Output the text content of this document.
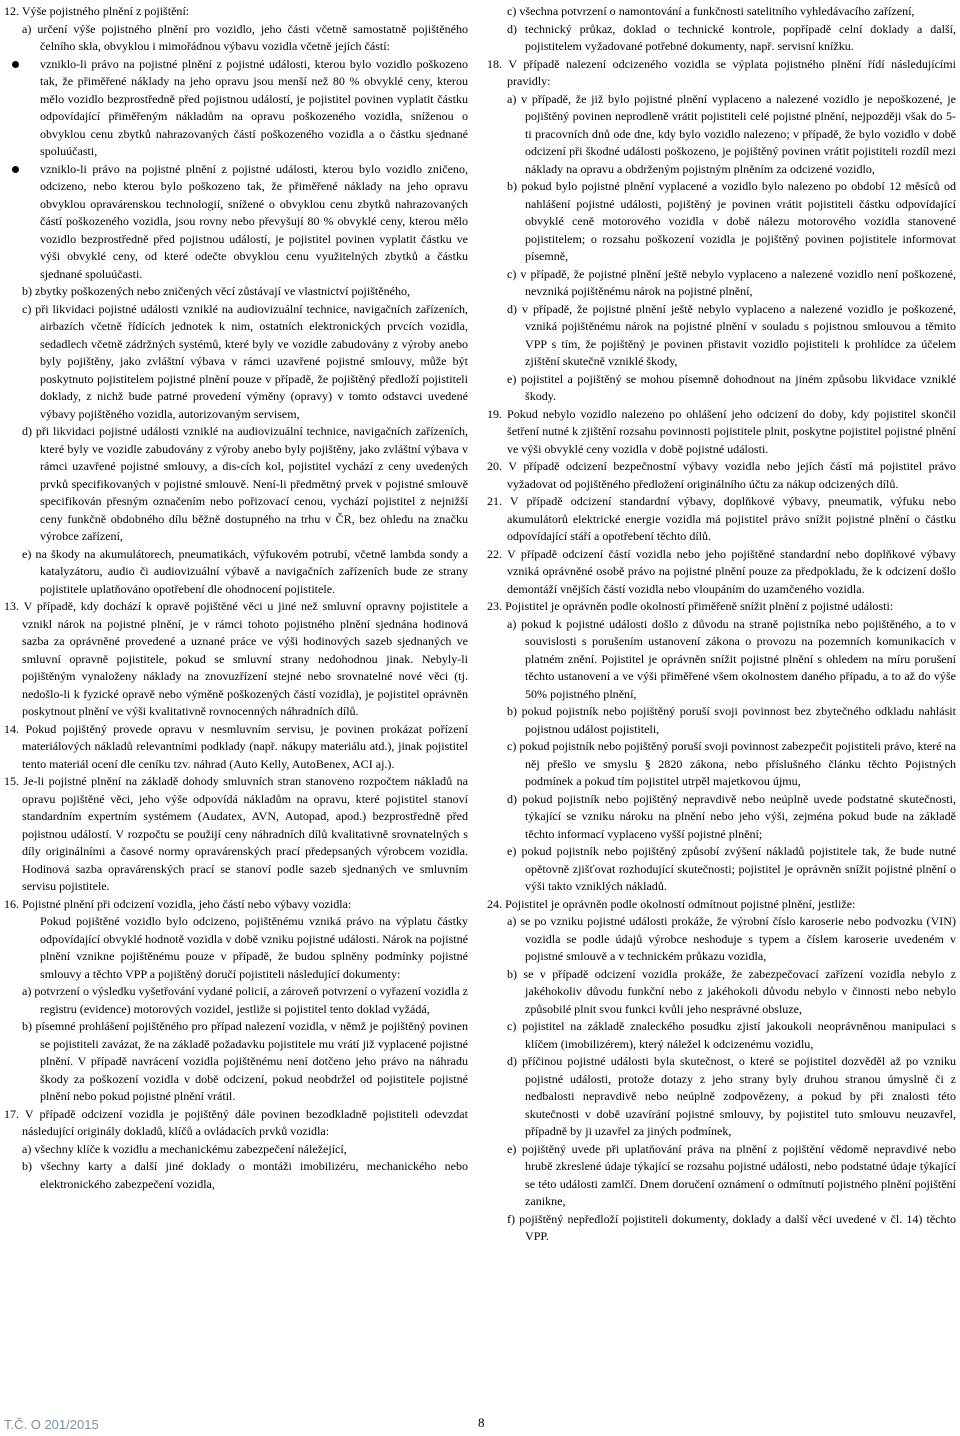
12. Výše pojistného plnění z pojištění:
a) určení výše pojistného plnění pro vozidlo, jeho části včetně samostatně pojištěného čelního skla, obvyklou i mimořádnou výbavu vozidla včetně jejích částí:
vzniklo-li právo na pojistné plnění z pojistné události, kterou bylo vozidlo poškozeno tak, že přiměřené náklady na jeho opravu jsou menší než 80 % obvyklé ceny, kterou mělo vozidlo bezprostředně před pojistnou událostí, je pojistitel povinen vyplatit částku odpovídající přiměřeným nákladům na opravu poškozeného vozidla, sníženou o obvyklou cenu zbytků nahrazovaných částí poškozeného vozidla a o částku sjednané spoluúčasti,
vzniklo-li právo na pojistné plnění z pojistné události, kterou bylo vozidlo zničeno, odcizeno, nebo kterou bylo poškozeno tak, že přiměřené náklady na jeho opravu obvyklou opravárenskou technologií, snížené o obvyklou cenu zbytků nahrazovaných částí poškozeného vozidla, jsou rovny nebo převyšují 80 % obvyklé ceny, kterou mělo vozidlo bezprostředně před pojistnou událostí, je pojistitel povinen vyplatit částku ve výši obvyklé ceny, od které odečte obvyklou cenu využitelných zbytků a částku sjednané spoluúčasti.
b) zbytky poškozených nebo zničených věcí zůstávají ve vlastnictví pojištěného,
c) při likvidaci pojistné události vzniklé na audiovizuální technice, navigačních zařízeních, airbazích včetně řídících jednotek k nim, ostatních elektronických prvcích vozidla, sedadlech včetně zádržných systémů, které byly ve vozidle zabudovány z výroby anebo byly pojištěny, jako zvláštní výbava v rámci uzavřené pojistné smlouvy, může být poskytnuto pojistitelem pojistné plnění pouze v případě, že pojištěný předloží pojistiteli doklady, z nichž bude patrné provedení výměny (opravy) v tomto odstavci uvedené výbavy pojištěného vozidla, autorizovaným servisem,
d) při likvidaci pojistné události vzniklé na audiovizuální technice, navigačních zařízeních, které byly ve vozidle zabudovány z výroby anebo byly pojištěny, jako zvláštní výbava v rámci uzavřené pojistné smlouvy, a dis-cích kol, pojistitel vychází z ceny uvedených prvků specifikovaných v pojistné smlouvě. Není-li předmětný prvek v pojistné smlouvě specifikován přesným označením nebo pořizovací cenou, vychází pojistitel z nejnižší ceny funkčně obdobného dílu běžně dostupného na trhu v ČR, bez ohledu na značku výrobce zařízení,
e) na škody na akumulátorech, pneumatikách, výfukovém potrubí, včetně lambda sondy a katalyzátoru, audio či audiovizuální výbavě a navigačních zařízeních bude ze strany pojistitele uplatňováno opotřebení dle ohodnocení pojistitele.
13. V případě, kdy dochází k opravě pojištěné věci u jiné než smluvní opravny pojistitele a vznikl nárok na pojistné plnění, je v rámci tohoto pojistného plnění sjednána hodinová sazba za oprávněné provedené a uznané práce ve výši hodinových sazeb sjednaných ve smluvní opravně pojistitele, pokud se smluvní strany nedohodnou jinak. Nebyly-li pojištěným vynaloženy náklady na znovuzřízení stejné nebo srovnatelné nové věci (tj. nedošlo-li k fyzické opravě nebo výměně poškozených částí vozidla), je pojistitel oprávněn poskytnout plnění ve výši kvalitativně rovnocenných náhradních dílů.
14. Pokud pojištěný provede opravu v nesmluvním servisu, je povinen prokázat pořízení materiálových nákladů relevantními podklady (např. nákupy materiálu atd.), jinak pojistitel tento materiál ocení dle ceníku tzv. náhrad (Auto Kelly, AutoBenex, ACI aj.).
15. Je-li pojistné plnění na základě dohody smluvních stran stanoveno rozpočtem nákladů na opravu pojištěné věci, jeho výše odpovídá nákladům na opravu, které pojistitel stanoví standardním expertním systémem (Audatex, AVN, Autopad, apod.) bezprostředně před pojistnou událostí. V rozpočtu se použijí ceny náhradních dílů kvalitativně srovnatelných s díly originálními a časové normy opravárenských prací předepsaných výrobcem vozidla. Hodinová sazba opravárenských prací se stanoví podle sazeb sjednaných ve smluvním servisu pojistitele.
16. Pojistné plnění při odcizení vozidla, jeho částí nebo výbavy vozidla:
Pokud pojištěné vozidlo bylo odcizeno, pojištěnému vzniká právo na výplatu částky odpovídající obvyklé hodnotě vozidla v době vzniku pojistné události. Nárok na pojistné plnění vznikne pojištěnému pouze v případě, že budou splněny podmínky pojistné smlouvy a těchto VPP a pojištěný doručí pojistiteli následující dokumenty:
a) potvrzení o výsledku vyšetřování vydané policií, a zároveň potvrzení o vyřazení vozidla z registru (evidence) motorových vozidel, jestliže si pojistitel tento doklad vyžádá,
b) písemné prohlášení pojištěného pro případ nalezení vozidla, v němž je pojištěný povinen se pojistiteli zavázat, že na základě požadavku pojistitele mu vrátí již vyplacené pojistné plnění. V případě navrácení vozidla pojištěnému není dotčeno jeho právo na náhradu škody za poškození vozidla v době odcizení, pokud neobdržel od pojistitele pojistné plnění nebo pokud pojistné plnění vrátil.
17. V případě odcizení vozidla je pojištěný dále povinen bezodkladně pojistiteli odevzdat následující originály dokladů, klíčů a ovládacích prvků vozidla:
a) všechny klíče k vozidlu a mechanickému zabezpečení náležející,
b) všechny karty a další jiné doklady o montáži imobilizéru, mechanického nebo elektronického zabezpečení vozidla,
c) všechna potvrzení o namontování a funkčnosti satelitního vyhledávacího zařízení,
d) technický průkaz, doklad o technické kontrole, popřípadě celní doklady a další, pojistitelem vyžadované potřebné dokumenty, např. servisní knížku.
18. V případě nalezení odcizeného vozidla se výplata pojistného plnění řídí následujícími pravidly:
a) v případě, že již bylo pojistné plnění vyplaceno a nalezené vozidlo je nepoškozené, je pojištěný povinen neprodleně vrátit pojistiteli celé pojistné plnění, nejpozději však do 5-ti pracovních dnů ode dne, kdy bylo vozidlo nalezeno; v případě, že bylo vozidlo v době odcizení při škodné události poškozeno, je pojištěný povinen vrátit pojistiteli rozdíl mezi náklady na opravu a obdrženým pojistným plněním za odcizené vozidlo,
b) pokud bylo pojistné plnění vyplacené a vozidlo bylo nalezeno po období 12 měsíců od nahlášení pojistné události, pojištěný je povinen vrátit pojistiteli částku odpovídající obvyklé ceně motorového vozidla v době nálezu motorového vozidla stanovené pojistitelem; o rozsahu poškození vozidla je pojištěný povinen pojistitele informovat písemně,
c) v případě, že pojistné plnění ještě nebylo vyplaceno a nalezené vozidlo není poškozené, nevzniká pojištěnému nárok na pojistné plnění,
d) v případě, že pojistné plnění ještě nebylo vyplaceno a nalezené vozidlo je poškozené, vzniká pojištěnému nárok na pojistné plnění v souladu s pojistnou smlouvou a těmito VPP s tím, že pojištěný je povinen přistavit vozidlo pojistiteli k prohlídce za účelem zjištění skutečně vzniklé škody,
e) pojistitel a pojištěný se mohou písemně dohodnout na jiném způsobu likvidace vzniklé škody.
19. Pokud nebylo vozidlo nalezeno po ohlášení jeho odcizení do doby, kdy pojistitel skončil šetření nutné k zjištění rozsahu povinnosti pojistitele plnit, poskytne pojistitel pojistné plnění ve výši obvyklé ceny vozidla v době pojistné události.
20. V případě odcizení bezpečnostní výbavy vozidla nebo jejích částí má pojistitel právo vyžadovat od pojištěného předložení originálního účtu za nákup odcizených dílů.
21. V případě odcizení standardní výbavy, doplňkové výbavy, pneumatik, výfuku nebo akumulátorů elektrické energie vozidla má pojistitel právo snížit pojistné plnění o částku odpovídající stáří a opotřebení těchto dílů.
22. V případě odcizení částí vozidla nebo jeho pojištěné standardní nebo doplňkové výbavy vzniká oprávněné osobě právo na pojistné plnění pouze za předpokladu, že k odcizení došlo demontáží vnějších částí vozidla nebo vloupáním do uzamčeného vozidla.
23. Pojistitel je oprávněn podle okolností přiměřeně snížit plnění z pojistné události:
a) pokud k pojistné události došlo z důvodu na straně pojistníka nebo pojištěného, a to v souvislosti s porušením ustanovení zákona o provozu na pozemních komunikacích v platném znění. Pojistitel je oprávněn snížit pojistné plnění s ohledem na míru porušení těchto ustanovení a ve výši přiměřené všem okolnostem daného případu, a to až do výše 50% pojistného plnění,
b) pokud pojistník nebo pojištěný poruší svoji povinnost bez zbytečného odkladu nahlásit pojistnou událost pojistiteli,
c) pokud pojistník nebo pojištěný poruší svoji povinnost zabezpečit pojistiteli právo, které na něj přešlo ve smyslu § 2820 zákona, nebo příslušného článku těchto Pojistných podmínek a pokud tím pojistitel utrpěl majetkovou újmu,
d) pokud pojistník nebo pojištěný nepravdivě nebo neúplně uvede podstatné skutečnosti, týkající se vzniku nároku na plnění nebo jeho výši, zejména pokud bude na základě těchto informací vyplaceno vyšší pojistné plnění;
e) pokud pojistník nebo pojištěný způsobí zvýšení nákladů pojistitele tak, že bude nutné opětovně zjišťovat rozhodující skutečnosti; pojistitel je oprávněn snížit pojistné plnění o výši takto vzniklých nákladů.
24. Pojistitel je oprávněn podle okolností odmítnout pojistné plnění, jestliže:
a) se po vzniku pojistné události prokáže, že výrobní číslo karoserie nebo podvozku (VIN) vozidla se podle údajů výrobce neshoduje s typem a číslem karoserie uvedeném v pojistné smlouvě a v technickém průkazu vozidla,
b) se v případě odcizení vozidla prokáže, že zabezpečovací zařízení vozidla nebylo z jakéhokoliv důvodu funkční nebo z jakéhokoli důvodu nebylo v činnosti nebo nebylo způsobilé plnit svou funkci kvůli jeho nesprávné obsluze,
c) pojistitel na základě znaleckého posudku zjistí jakoukoli neoprávněnou manipulaci s klíčem (imobilizérem), který náležel k odcizenému vozidlu,
d) příčinou pojistné události byla skutečnost, o které se pojistitel dozvěděl až po vzniku pojistné události, protože dotazy z jeho strany byly druhou stranou úmyslně či z nedbalosti nepravdivě nebo neúplně zodpovězeny, a pokud by při znalosti této skutečnosti v době uzavírání pojistné smlouvy, by pojistitel tuto smlouvu neuzavřel, případně by ji uzavřel za jiných podmínek,
e) pojištěný uvede při uplatňování práva na plnění z pojištění vědomě nepravdivé nebo hrubě zkreslené údaje týkající se rozsahu pojistné události, nebo podstatné údaje týkající se této události zamlčí. Dnem doručení oznámení o odmítnutí pojistného plnění pojištění zanikne,
f) pojištěný nepředloží pojistiteli dokumenty, doklady a další věci uvedené v čl. 14) těchto VPP.
T.Č. O 201/2015	8
